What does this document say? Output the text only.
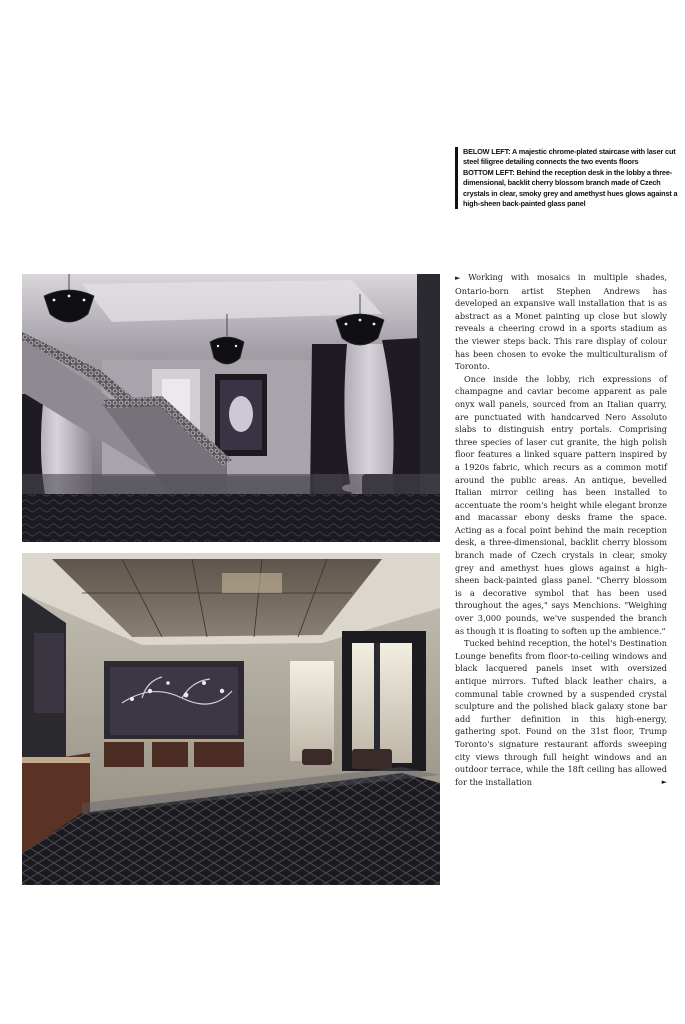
BELOW LEFT: A majestic chrome-plated staircase with laser cut steel filigree detailing connects the two events floors

BOTTOM LEFT: Behind the reception desk in the lobby a three-dimensional, backlit cherry blossom branch made of Czech crystals in clear, smoky grey and amethyst hues glows against a high-sheen back-painted glass panel

► Working with mosaics in multiple shades, Ontario-born artist Stephen Andrews has developed an expansive wall installation that is as abstract as a Monet painting up close but slowly reveals a cheering crowd in a sports stadium as the viewer steps back. This rare display of colour has been chosen to evoke the multiculturalism of Toronto.

Once inside the lobby, rich expressions of champagne and caviar become apparent as pale onyx wall panels, sourced from an Italian quarry, are punctuated with handcarved Nero Assoluto slabs to distinguish entry portals. Comprising three species of laser cut granite, the high polish floor features a linked square pattern inspired by a 1920s fabric, which recurs as a common motif around the public areas. An antique, bevelled Italian mirror ceiling has been installed to accentuate the room's height while elegant bronze and macassar ebony desks frame the space. Acting as a focal point behind the main reception desk, a three-dimensional, backlit cherry blossom branch made of Czech crystals in clear, smoky grey and amethyst hues glows against a high-sheen back-painted glass panel. "Cherry blossom is a decorative symbol that has been used throughout the ages," says Menchions. "Weighing over 3,000 pounds, we've suspended the branch as though it is floating to soften up the ambience."

Tucked behind reception, the hotel's Destination Lounge benefits from floor-to-ceiling windows and black lacquered panels inset with oversized antique mirrors. Tufted black leather chairs, a communal table crowned by a suspended crystal sculpture and the polished black galaxy stone bar add further definition in this high-energy, gathering spot. Found on the 31st floor, Trump Toronto's signature restaurant affords sweeping city views through full height windows and an outdoor terrace, while the 18ft ceiling has allowed for the installation	►
